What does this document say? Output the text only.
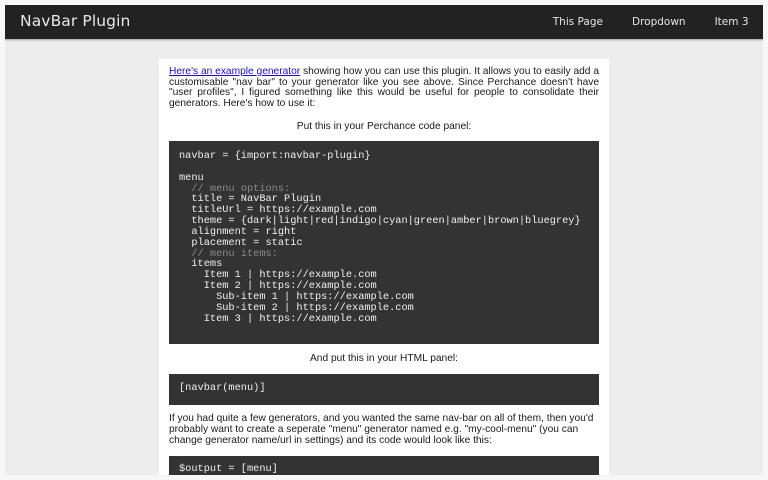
NavBar Plugin	This Page	Dropdown	Item 3

Here's an example generator showing how you can use this plugin. It allows you to easily add a customisable "nav bar" to your generator like you see above. Since Perchance doesn't have "user profiles", I figured something like this would be useful for people to consolidate their generators. Here's how to use it:

Put this in your Perchance code panel:

navbar = {import:navbar-plugin}

menu
// menu options:
title = NavBar Plugin
titleUrl = https://example.com
theme = {dark|light|red|indigo|cyan|green|amber|brown|bluegrey}
alignment = right
placement = static
// menu items:
items
Item 1 | https://example.com
Item 2 | https://example.com
Sub-item 1 | https://example.com
Sub-item 2 | https://example.com
Item 3 | https://example.com

And put this in your HTML panel:

[navbar(menu)]

If you had quite a few generators, and you wanted the same nav-bar on all of them, then you'd probably want to create a seperate "menu" generator named e.g. "my-cool-menu" (you can change generator name/url in settings) and its code would look like this:

$output = [menu]
